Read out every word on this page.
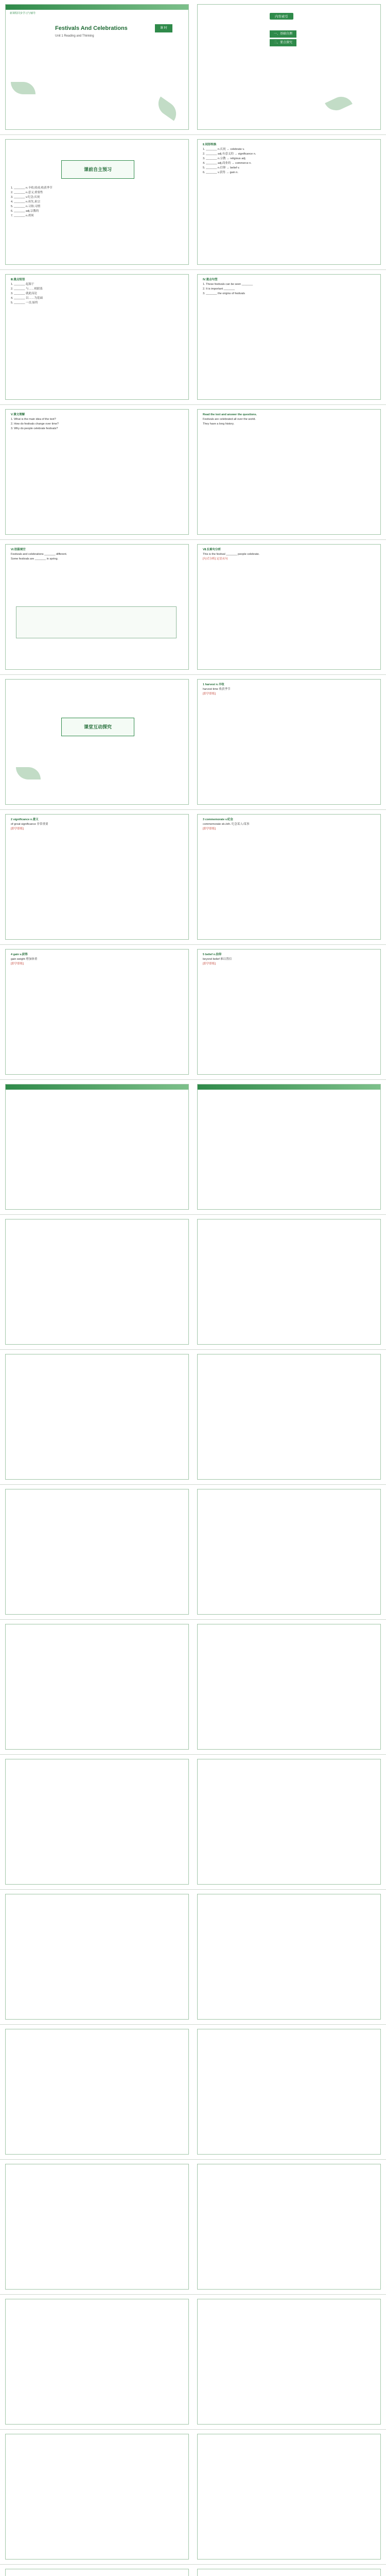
新课程同步学习与辅导
Festivals And Celebrations	课 时
Unit 1 Reading and Thinking
内容索引
一、基础自测
二、要点探究
课前自主预习
1. _______ n.丰收,收成;收获季节
2. _______ n.意义;重要性
3. _______ v.纪念;庆祝
4. _______ n.祖先,祖宗
5. _______ n.习俗;习惯
6. _______ adj.宗教的
7. _______ n.胡须
Ⅱ.词形转换
1. _______ n.庆祝 → celebrate v.
2. _______ adj.有意义的 → significance n.
3. _______ n.宗教 → religious adj.
4. _______ adj.商业的 → commerce n.
5. _______ n.信仰 → belief v.
6. _______ v.获得 → gain n.
Ⅲ.重点短语
1. _______ 起源于
2. _______ 与……相联系
3. _______ 就此而论
4. _______ 以……为基础
5. _______ 一直;始终
Ⅳ.重点句型
1. These festivals can be seen _______
2. It is important _______
3. _______ the origins of festivals
Ⅴ.课文理解
1. What is the main idea of the text?
2. How do festivals change over time?
3. Why do people celebrate festivals?
Read the text and answer the questions.
Festivals are celebrated all over the world.
They have a long history.
Ⅵ.语篇填空
Festivals and celebrations _______ different.
Some festivals are _______ in spring.
Ⅶ.长难句分析
This is the festival _______ people celebrate.
[句式分析] 定语从句
课堂互动探究
1 harvest n.丰收
harvest time 收获季节
[即学即练]
2 significance n.意义
of great significance 非常重要
[即学即练]
3 commemorate v.纪念
commemorate sb./sth. 纪念某人/某事
[即学即练]
4 gain v.获得
gain weight 增加体重
[即学即练]
5 belief n.信仰
beyond belief 难以置信
[即学即练]
